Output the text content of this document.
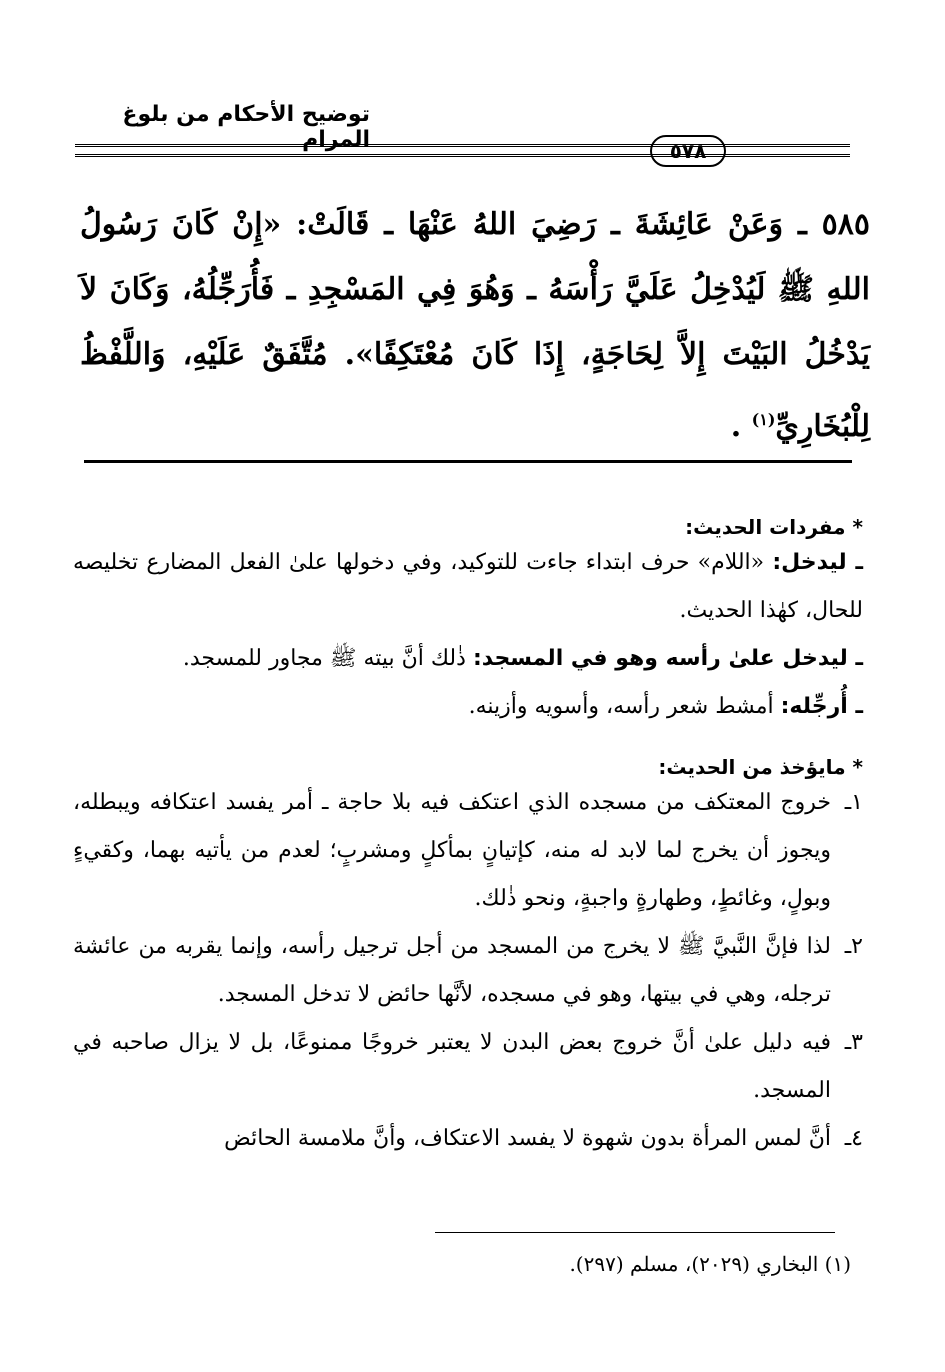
توضيح الأحكام من بلوغ المرام	٥٧٨
٥٨٥ ـ وَعَنْ عَائِشَةَ ـ رَضِيَ اللهُ عَنْهَا ـ قَالَتْ: «إِنْ كَانَ رَسُولُ اللهِ ﷺ لَيُدْخِلُ عَلَيَّ رَأْسَهُ ـ وَهُوَ فِي المَسْجِدِ ـ فَأُرَجِّلُهُ، وَكَانَ لاَ يَدْخُلُ البَيْتَ إِلاَّ لِحَاجَةٍ، إِذَا كَانَ مُعْتَكِفًا». مُتَّفَقٌ عَلَيْهِ، وَاللَّفْظُ لِلْبُخَارِيِّ$^{(١)}$ .

* مفردات الحديث:

ـ ليدخل: «اللام» حرف ابتداء جاءت للتوكيد، وفي دخولها علىٰ الفعل المضارع تخليصه للحال، كهٰذا الحديث.

ـ ليدخل علىٰ رأسه وهو في المسجد: ذٰلك أنَّ بيته ﷺ مجاور للمسجد.

ـ أُرجِّله: أمشط شعر رأسه، وأسويه وأزينه.

* مايؤخذ من الحديث:

١ـ
خروج المعتكف من مسجده الذي اعتكف فيه بلا حاجة ـ أمر يفسد اعتكافه ويبطله، ويجوز أن يخرج لما لابد له منه، كإتيانٍ بمأكلٍ ومشربٍ؛ لعدم من يأتيه بهما، وكقيءٍ وبولٍ، وغائطٍ، وطهارةٍ واجبةٍ، ونحو ذٰلك.
٢ـ
لذا فإنَّ النَّبيَّ ﷺ لا يخرج من المسجد من أجل ترجيل رأسه، وإنما يقربه من عائشة ترجله، وهي في بيتها، وهو في مسجده، لأنَّها حائض لا تدخل المسجد.
٣ـ
فيه دليل علىٰ أنَّ خروج بعض البدن لا يعتبر خروجًا ممنوعًا، بل لا يزال صاحبه في المسجد.
٤ـ
أنَّ لمس المرأة بدون شهوة لا يفسد الاعتكاف، وأنَّ ملامسة الحائض
(١) البخاري (٢٠٢٩)، مسلم (٢٩٧).
